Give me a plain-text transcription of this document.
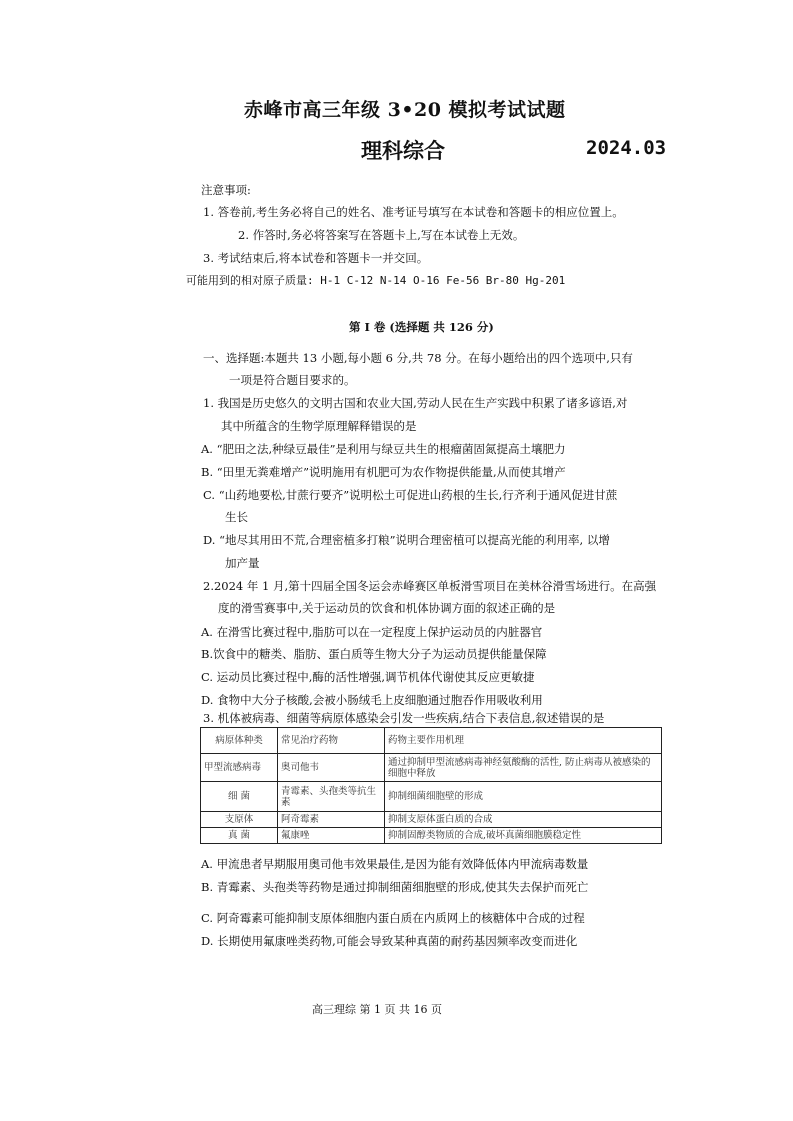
赤峰市高三年级 3•20 模拟考试试题
理科综合	2024.03
注意事项:
1. 答卷前,考生务必将自己的姓名、准考证号填写在本试卷和答题卡的相应位置上。
2. 作答时,务必将答案写在答题卡上,写在本试卷上无效。
3. 考试结束后,将本试卷和答题卡一并交回。
可能用到的相对原子质量: H-1 C-12 N-14 O-16 Fe-56 Br-80 Hg-201
第 I 卷 (选择题 共 126 分)
一、选择题:本题共 13 小题,每小题 6 分,共 78 分。在每小题给出的四个选项中,只有
一项是符合题目要求的。
1. 我国是历史悠久的文明古国和农业大国,劳动人民在生产实践中积累了诸多谚语,对
其中所蕴含的生物学原理解释错误的是
A. “肥田之法,种绿豆最佳”是利用与绿豆共生的根瘤菌固氮提高土壤肥力
B. “田里无粪难增产”说明施用有机肥可为农作物提供能量,从而使其增产
C. “山药地要松,甘蔗行要齐”说明松土可促进山药根的生长,行齐利于通风促进甘蔗
生长
D. “地尽其用田不荒,合理密植多打粮”说明合理密植可以提高光能的利用率, 以增
加产量
2.2024 年 1 月,第十四届全国冬运会赤峰赛区单板滑雪项目在美林谷滑雪场进行。在高强
度的滑雪赛事中,关于运动员的饮食和机体协调方面的叙述正确的是
A. 在滑雪比赛过程中,脂肪可以在一定程度上保护运动员的内脏器官
B.饮食中的糖类、脂肪、蛋白质等生物大分子为运动员提供能量保障
C. 运动员比赛过程中,酶的活性增强,调节机体代谢使其反应更敏捷
D. 食物中大分子核酸,会被小肠绒毛上皮细胞通过胞吞作用吸收利用
3. 机体被病毒、细菌等病原体感染会引发一些疾病,结合下表信息,叙述错误的是
病原体种类	常见治疗药物	药物主要作用机理
甲型流感病毒	奥司他韦	通过抑制甲型流感病毒神经氨酸酶的活性, 防止病毒从被感染的细胞中释放
细 菌	青霉素、头孢类等抗生素	抑制细菌细胞壁的形成
支原体	阿奇霉素	抑制支原体蛋白质的合成
真 菌	氟康唑	抑制固醇类物质的合成,破坏真菌细胞膜稳定性
A. 甲流患者早期服用奥司他韦效果最佳,是因为能有效降低体内甲流病毒数量
B. 青霉素、头孢类等药物是通过抑制细菌细胞壁的形成,使其失去保护而死亡
C. 阿奇霉素可能抑制支原体细胞内蛋白质在内质网上的核糖体中合成的过程
D. 长期使用氟康唑类药物,可能会导致某种真菌的耐药基因频率改变而进化
高三理综 第 1 页 共 16 页
